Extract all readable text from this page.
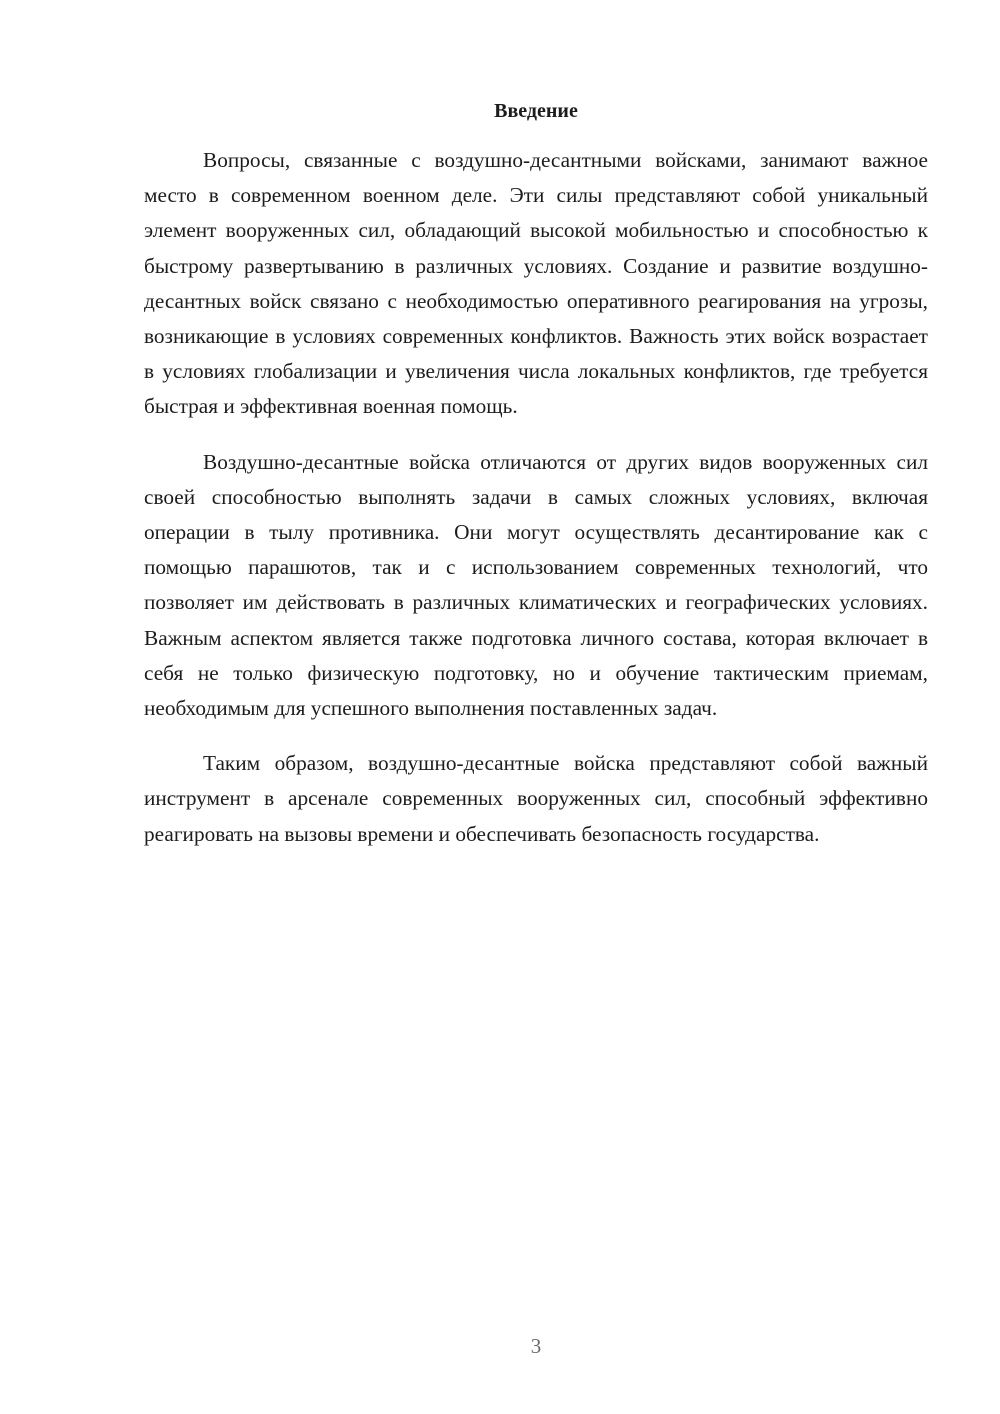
Введение

Вопросы, связанные с воздушно-десантными войсками, занимают важное место в современном военном деле. Эти силы представляют собой уникальный элемент вооруженных сил, обладающий высокой мобильностью и способностью к быстрому развертыванию в различных условиях. Создание и развитие воздушно-десантных войск связано с необходимостью оперативного реагирования на угрозы, возникающие в условиях современных конфликтов. Важность этих войск возрастает в условиях глобализации и увеличения числа локальных конфликтов, где требуется быстрая и эффективная военная помощь.

Воздушно-десантные войска отличаются от других видов вооруженных сил своей способностью выполнять задачи в самых сложных условиях, включая операции в тылу противника. Они могут осуществлять десантирование как с помощью парашютов, так и с использованием современных технологий, что позволяет им действовать в различных климатических и географических условиях. Важным аспектом является также подготовка личного состава, которая включает в себя не только физическую подготовку, но и обучение тактическим приемам, необходимым для успешного выполнения поставленных задач.

Таким образом, воздушно-десантные войска представляют собой важный инструмент в арсенале современных вооруженных сил, способный эффективно реагировать на вызовы времени и обеспечивать безопасность государства.

3
